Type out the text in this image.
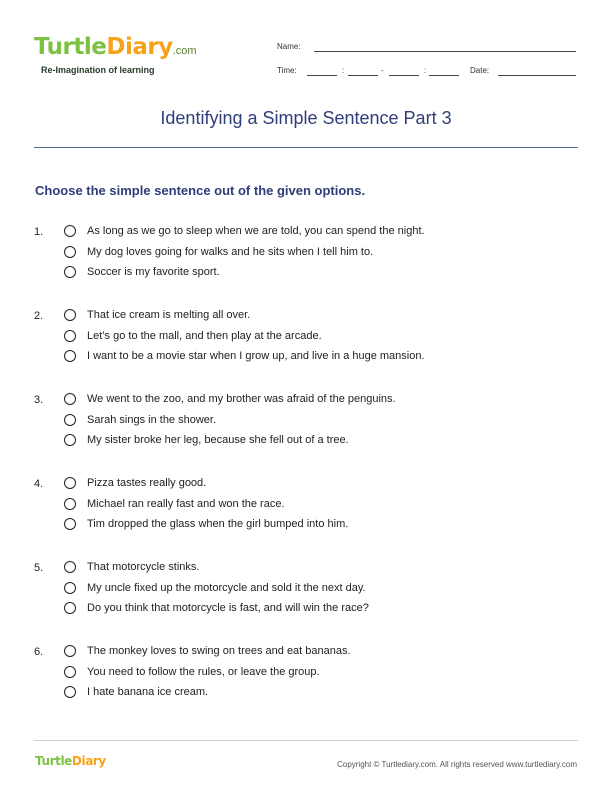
TurtleDiary.com
Re-Imagination of learning
Name:
Time:	:	-	:	Date:
Identifying a Simple Sentence Part 3
Choose the simple sentence out of the given options.
1.	As long as we go to sleep when we are told, you can spend the night.
My dog loves going for walks and he sits when I tell him to.
Soccer is my favorite sport.
2.	That ice cream is melting all over.
Let’s go to the mall, and then play at the arcade.
I want to be a movie star when I grow up, and live in a huge mansion.
3.	We went to the zoo, and my brother was afraid of the penguins.
Sarah sings in the shower.
My sister broke her leg, because she fell out of a tree.
4.	Pizza tastes really good.
Michael ran really fast and won the race.
Tim dropped the glass when the girl bumped into him.
5.	That motorcycle stinks.
My uncle fixed up the motorcycle and sold it the next day.
Do you think that motorcycle is fast, and will win the race?
6.	The monkey loves to swing on trees and eat bananas.
You need to follow the rules, or leave the group.
I hate banana ice cream.
TurtleDiary	Copyright © Turtlediary.com. All rights reserved www.turtlediary.com
